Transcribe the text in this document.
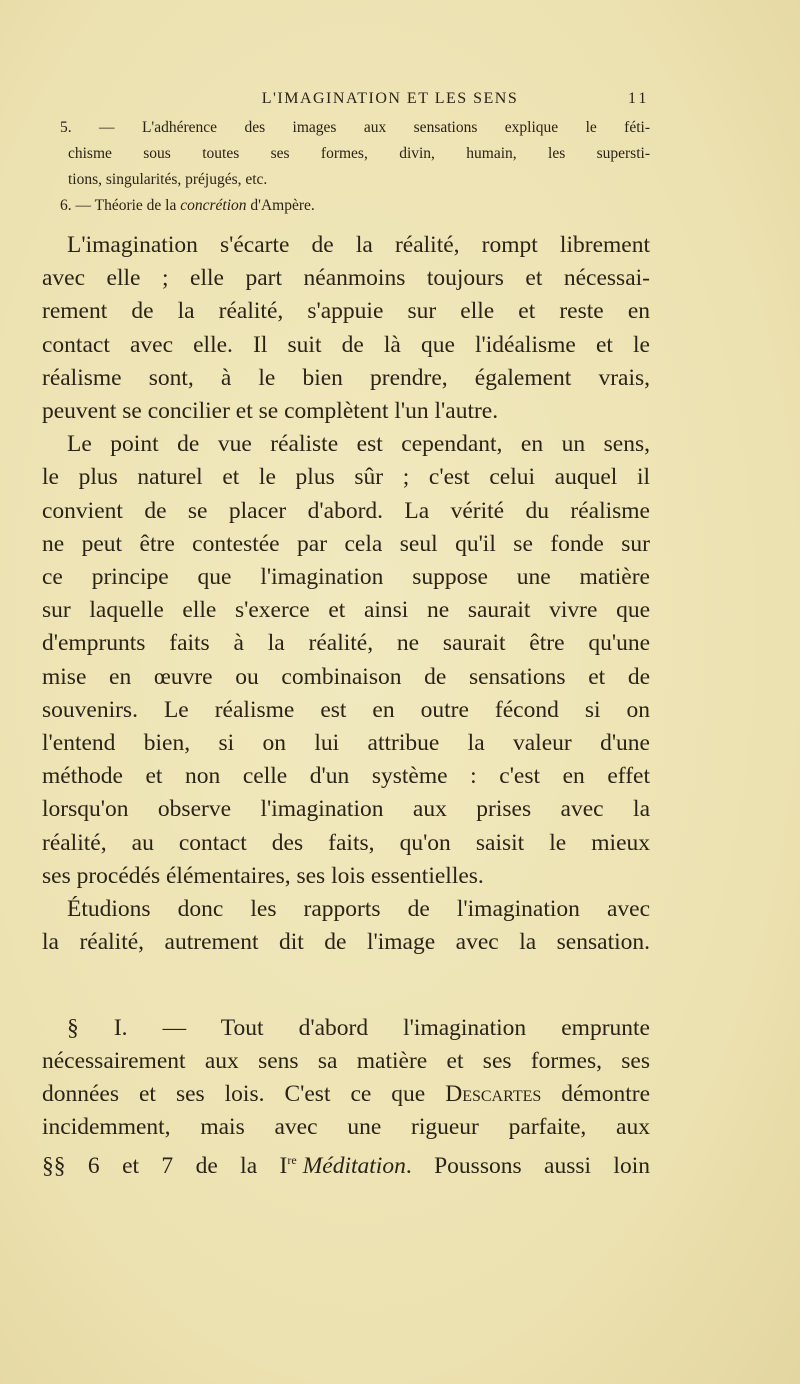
L'IMAGINATION ET LES SENS	11
5. — L'adhérence des images aux sensations explique le féti-
chisme sous toutes ses formes, divin, humain, les supersti-
tions, singularités, préjugés, etc.
6. — Théorie de la concrétion d'Ampère.
L'imagination s'écarte de la réalité, rompt librement
avec elle ; elle part néanmoins toujours et nécessai-
rement de la réalité, s'appuie sur elle et reste en
contact avec elle. Il suit de là que l'idéalisme et le
réalisme sont, à le bien prendre, également vrais,
peuvent se concilier et se complètent l'un l'autre.
Le point de vue réaliste est cependant, en un sens,
le plus naturel et le plus sûr ; c'est celui auquel il
convient de se placer d'abord. La vérité du réalisme
ne peut être contestée par cela seul qu'il se fonde sur
ce principe que l'imagination suppose une matière
sur laquelle elle s'exerce et ainsi ne saurait vivre que
d'emprunts faits à la réalité, ne saurait être qu'une
mise en œuvre ou combinaison de sensations et de
souvenirs. Le réalisme est en outre fécond si on
l'entend bien, si on lui attribue la valeur d'une
méthode et non celle d'un système : c'est en effet
lorsqu'on observe l'imagination aux prises avec la
réalité, au contact des faits, qu'on saisit le mieux
ses procédés élémentaires, ses lois essentielles.
Étudions donc les rapports de l'imagination avec
la réalité, autrement dit de l'image avec la sensation.
§ I. — Tout d'abord l'imagination emprunte
nécessairement aux sens sa matière et ses formes, ses
données et ses lois. C'est ce que Descartes démontre
incidemment, mais avec une rigueur parfaite, aux
§§ 6 et 7 de la Ire Méditation. Poussons aussi loin
